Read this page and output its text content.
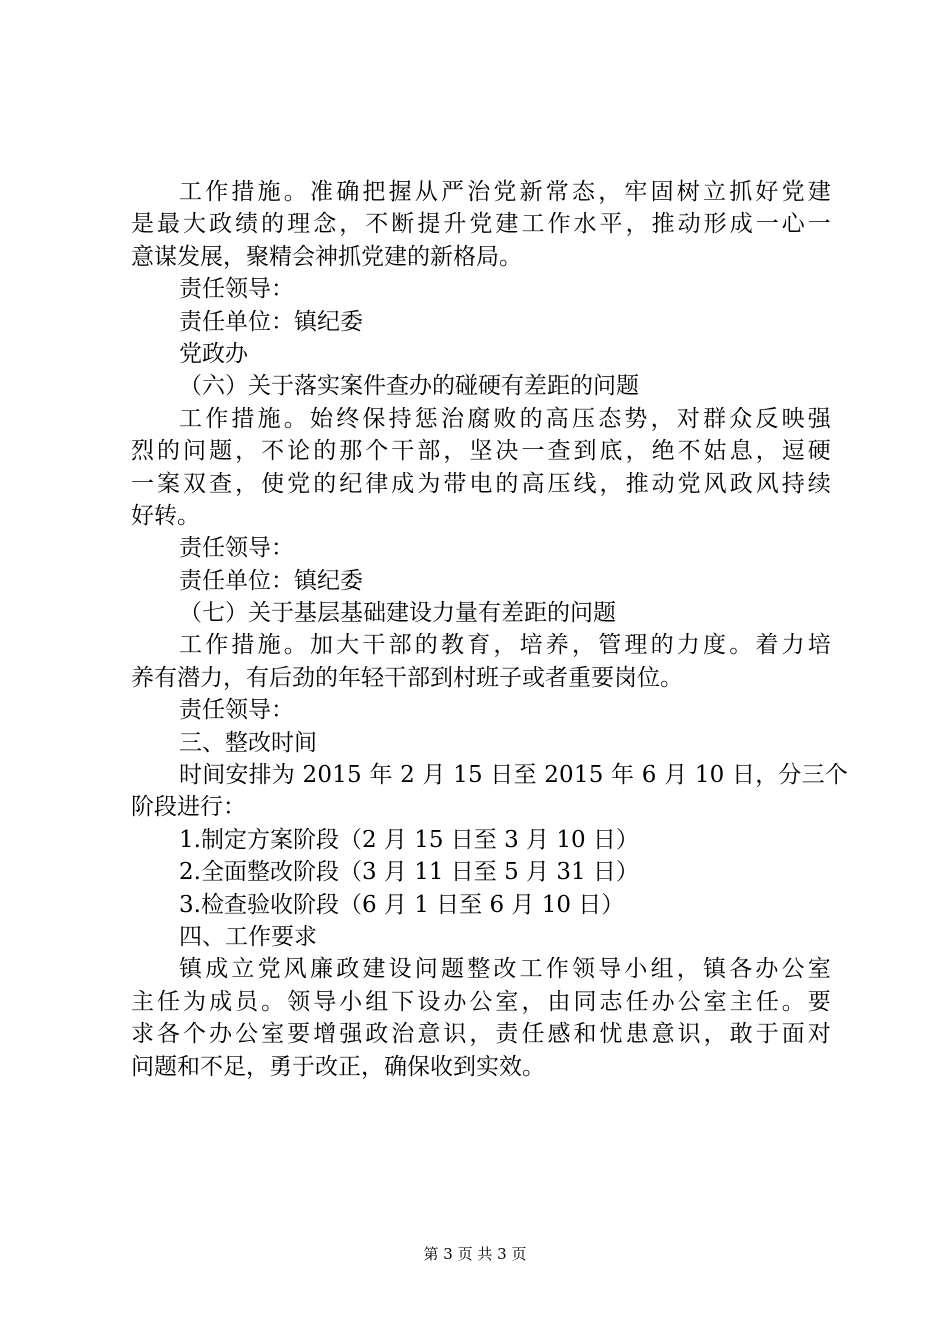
工作措施。准确把握从严治党新常态，牢固树立抓好党建
是最大政绩的理念，不断提升党建工作水平，推动形成一心一
意谋发展，聚精会神抓党建的新格局。
责任领导：
责任单位：镇纪委
党政办
（六）关于落实案件查办的碰硬有差距的问题
工作措施。始终保持惩治腐败的高压态势，对群众反映强
烈的问题，不论的那个干部，坚决一查到底，绝不姑息，逗硬
一案双查，使党的纪律成为带电的高压线，推动党风政风持续
好转。
责任领导：
责任单位：镇纪委
（七）关于基层基础建设力量有差距的问题
工作措施。加大干部的教育，培养，管理的力度。着力培
养有潜力，有后劲的年轻干部到村班子或者重要岗位。
责任领导：
三、整改时间
时间安排为 2015 年 2 月 15 日至 2015 年 6 月 10 日，分三个
阶段进行：
1.制定方案阶段（2 月 15 日至 3 月 10 日）
2.全面整改阶段（3 月 11 日至 5 月 31 日）
3.检查验收阶段（6 月 1 日至 6 月 10 日）
四、工作要求
镇成立党风廉政建设问题整改工作领导小组，镇各办公室
主任为成员。领导小组下设办公室，由同志任办公室主任。要
求各个办公室要增强政治意识，责任感和忧患意识，敢于面对
问题和不足，勇于改正，确保收到实效。
第 3 页 共 3 页
